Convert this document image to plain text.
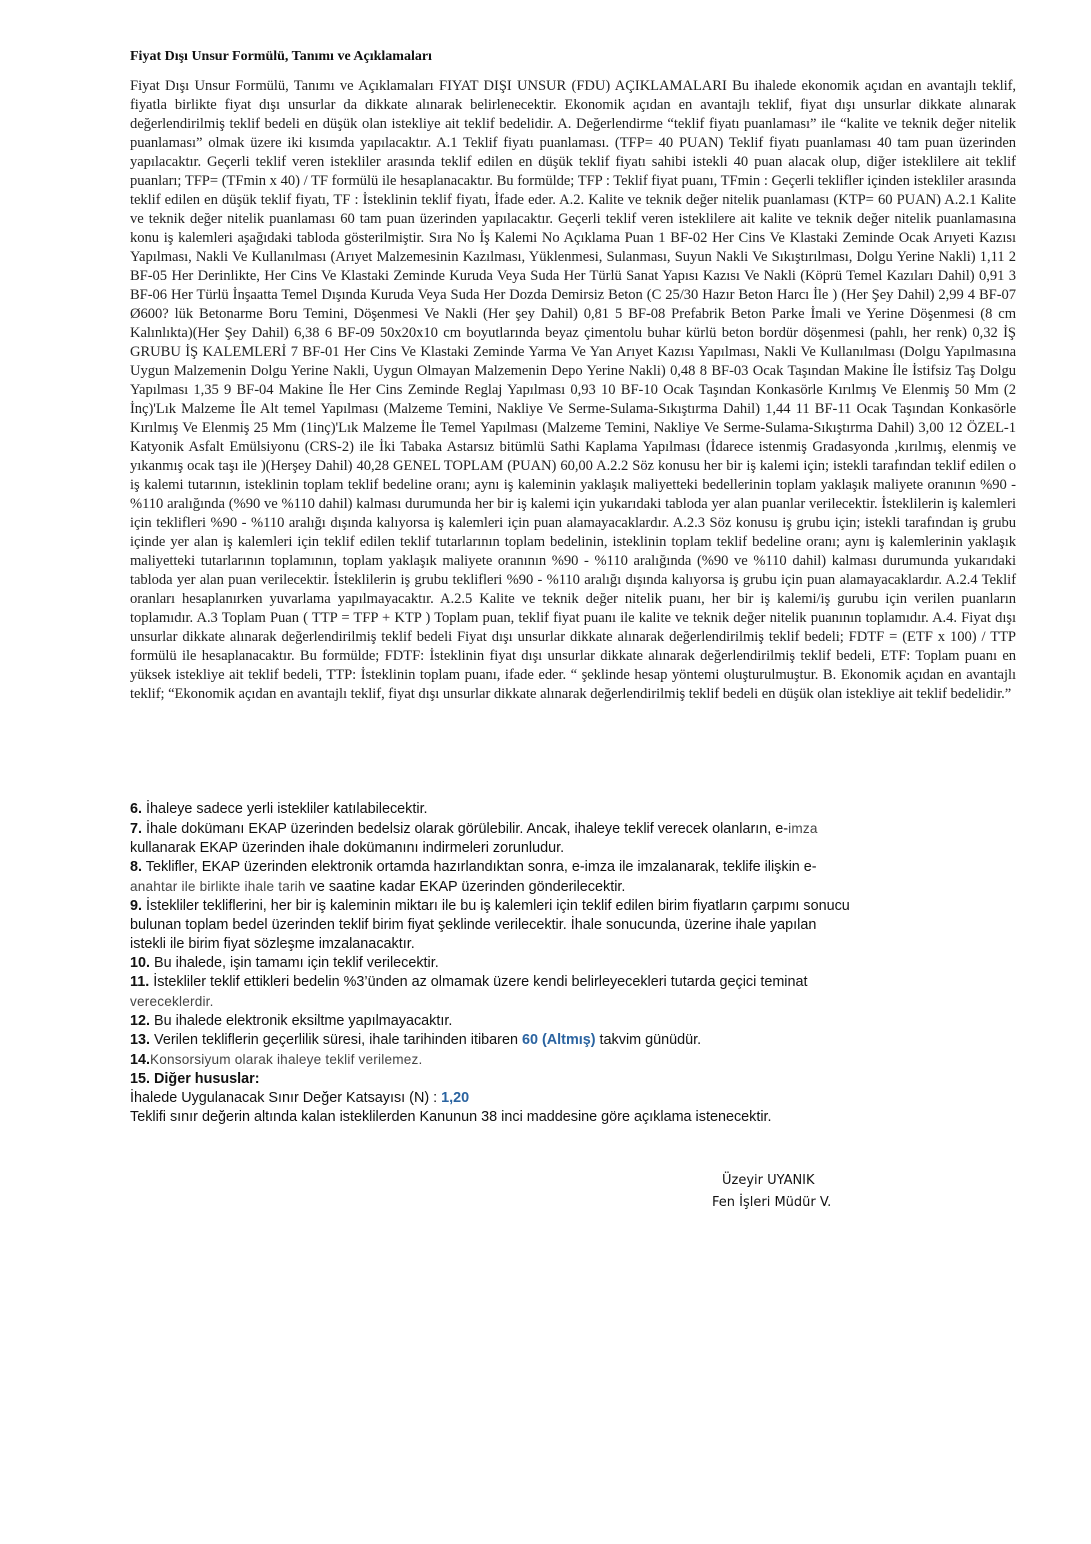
Fiyat Dışı Unsur Formülü, Tanımı ve Açıklamaları
Fiyat Dışı Unsur Formülü, Tanımı ve Açıklamaları FIYAT DIŞI UNSUR (FDU) AÇIKLAMALARI Bu ihalede ekonomik açıdan en avantajlı teklif, fiyatla birlikte fiyat dışı unsurlar da dikkate alınarak belirlenecektir. Ekonomik açıdan en avantajlı teklif, fiyat dışı unsurlar dikkate alınarak değerlendirilmiş teklif bedeli en düşük olan istekliye ait teklif bedelidir. A. Değerlendirme “teklif fiyatı puanlaması” ile “kalite ve teknik değer nitelik puanlaması” olmak üzere iki kısımda yapılacaktır. A.1 Teklif fiyatı puanlaması. (TFP= 40 PUAN) Teklif fiyatı puanlaması 40 tam puan üzerinden yapılacaktır. Geçerli teklif veren istekliler arasında teklif edilen en düşük teklif fiyatı sahibi istekli 40 puan alacak olup, diğer isteklilere ait teklif puanları; TFP= (TFmin x 40) / TF formülü ile hesaplanacaktır. Bu formülde; TFP : Teklif fiyat puanı, TFmin : Geçerli teklifler içinden istekliler arasında teklif edilen en düşük teklif fiyatı, TF : İsteklinin teklif fiyatı, İfade eder. A.2. Kalite ve teknik değer nitelik puanlaması (KTP= 60 PUAN) A.2.1 Kalite ve teknik değer nitelik puanlaması 60 tam puan üzerinden yapılacaktır. Geçerli teklif veren isteklilere ait kalite ve teknik değer nitelik puanlamasına konu iş kalemleri aşağıdaki tabloda gösterilmiştir. Sıra No İş Kalemi No Açıklama Puan 1 BF-02 Her Cins Ve Klastaki Zeminde Ocak Arıyeti Kazısı Yapılması, Nakli Ve Kullanılması (Arıyet Malzemesinin Kazılması, Yüklenmesi, Sulanması, Suyun Nakli Ve Sıkıştırılması, Dolgu Yerine Nakli) 1,11 2 BF-05 Her Derinlikte, Her Cins Ve Klastaki Zeminde Kuruda Veya Suda Her Türlü Sanat Yapısı Kazısı Ve Nakli (Köprü Temel Kazıları Dahil) 0,91 3 BF-06 Her Türlü İnşaatta Temel Dışında Kuruda Veya Suda Her Dozda Demirsiz Beton (C 25/30 Hazır Beton Harcı İle ) (Her Şey Dahil) 2,99 4 BF-07 Ø600? lük Betonarme Boru Temini, Döşenmesi Ve Nakli (Her şey Dahil) 0,81 5 BF-08 Prefabrik Beton Parke İmali ve Yerine Döşenmesi (8 cm Kalınlıkta)(Her Şey Dahil) 6,38 6 BF-09 50x20x10 cm boyutlarında beyaz çimentolu buhar kürlü beton bordür döşenmesi (pahlı, her renk) 0,32 İŞ GRUBU İŞ KALEMLERİ 7 BF-01 Her Cins Ve Klastaki Zeminde Yarma Ve Yan Arıyet Kazısı Yapılması, Nakli Ve Kullanılması (Dolgu Yapılmasına Uygun Malzemenin Dolgu Yerine Nakli, Uygun Olmayan Malzemenin Depo Yerine Nakli) 0,48 8 BF-03 Ocak Taşından Makine İle İstifsiz Taş Dolgu Yapılması 1,35 9 BF-04 Makine İle Her Cins Zeminde Reglaj Yapılması 0,93 10 BF-10 Ocak Taşından Konkasörle Kırılmış Ve Elenmiş 50 Mm (2 İnç)'Lık Malzeme İle Alt temel Yapılması (Malzeme Temini, Nakliye Ve Serme-Sulama-Sıkıştırma Dahil) 1,44 11 BF-11 Ocak Taşından Konkasörle Kırılmış Ve Elenmiş 25 Mm (1inç)'Lık Malzeme İle Temel Yapılması (Malzeme Temini, Nakliye Ve Serme-Sulama-Sıkıştırma Dahil) 3,00 12 ÖZEL-1 Katyonik Asfalt Emülsiyonu (CRS-2) ile İki Tabaka Astarsız bitümlü Sathi Kaplama Yapılması (İdarece istenmiş Gradasyonda ,kırılmış, elenmiş ve yıkanmış ocak taşı ile )(Herşey Dahil) 40,28 GENEL TOPLAM (PUAN) 60,00 A.2.2 Söz konusu her bir iş kalemi için; istekli tarafından teklif edilen o iş kalemi tutarının, isteklinin toplam teklif bedeline oranı; aynı iş kaleminin yaklaşık maliyetteki bedellerinin toplam yaklaşık maliyete oranının %90 - %110 aralığında (%90 ve %110 dahil) kalması durumunda her bir iş kalemi için yukarıdaki tabloda yer alan puanlar verilecektir. İsteklilerin iş kalemleri için teklifleri %90 - %110 aralığı dışında kalıyorsa iş kalemleri için puan alamayacaklardır. A.2.3 Söz konusu iş grubu için; istekli tarafından iş grubu içinde yer alan iş kalemleri için teklif edilen teklif tutarlarının toplam bedelinin, isteklinin toplam teklif bedeline oranı; aynı iş kalemlerinin yaklaşık maliyetteki tutarlarının toplamının, toplam yaklaşık maliyete oranının %90 - %110 aralığında (%90 ve %110 dahil) kalması durumunda yukarıdaki tabloda yer alan puan verilecektir. İsteklilerin iş grubu teklifleri %90 - %110 aralığı dışında kalıyorsa iş grubu için puan alamayacaklardır. A.2.4 Teklif oranları hesaplanırken yuvarlama yapılmayacaktır. A.2.5 Kalite ve teknik değer nitelik puanı, her bir iş kalemi/iş gurubu için verilen puanların toplamıdır. A.3 Toplam Puan ( TTP = TFP + KTP ) Toplam puan, teklif fiyat puanı ile kalite ve teknik değer nitelik puanının toplamıdır. A.4. Fiyat dışı unsurlar dikkate alınarak değerlendirilmiş teklif bedeli Fiyat dışı unsurlar dikkate alınarak değerlendirilmiş teklif bedeli; FDTF = (ETF x 100) / TTP formülü ile hesaplanacaktır. Bu formülde; FDTF: İsteklinin fiyat dışı unsurlar dikkate alınarak değerlendirilmiş teklif bedeli, ETF: Toplam puanı en yüksek istekliye ait teklif bedeli, TTP: İsteklinin toplam puanı, ifade eder. “ şeklinde hesap yöntemi oluşturulmuştur. B. Ekonomik açıdan en avantajlı teklif; “Ekonomik açıdan en avantajlı teklif, fiyat dışı unsurlar dikkate alınarak değerlendirilmiş teklif bedeli en düşük olan istekliye ait teklif bedelidir.”

6. İhaleye sadece yerli istekliler katılabilecektir.

7. İhale dokümanı EKAP üzerinden bedelsiz olarak görülebilir. Ancak, ihaleye teklif verecek olanların, e-imza
kullanarak EKAP üzerinden ihale dokümanını indirmeleri zorunludur.

8. Teklifler, EKAP üzerinden elektronik ortamda hazırlandıktan sonra, e-imza ile imzalanarak, teklife ilişkin e-
anahtar ile birlikte ihale tarih ve saatine kadar EKAP üzerinden gönderilecektir.

9. İstekliler tekliflerini, her bir iş kaleminin miktarı ile bu iş kalemleri için teklif edilen birim fiyatların çarpımı sonucu
bulunan toplam bedel üzerinden teklif birim fiyat şeklinde verilecektir. İhale sonucunda, üzerine ihale yapılan
istekli ile birim fiyat sözleşme imzalanacaktır.

10. Bu ihalede, işin tamamı için teklif verilecektir.

11. İstekliler teklif ettikleri bedelin %3’ünden az olmamak üzere kendi belirleyecekleri tutarda geçici teminat
vereceklerdir.

12. Bu ihalede elektronik eksiltme yapılmayacaktır.

13. Verilen tekliflerin geçerlilik süresi, ihale tarihinden itibaren 60 (Altmış) takvim günüdür.

14.Konsorsiyum olarak ihaleye teklif verilemez.

15. Diğer hususlar:

İhalede Uygulanacak Sınır Değer Katsayısı (N) : 1,20

Teklifi sınır değerin altında kalan isteklilerden Kanunun 38 inci maddesine göre açıklama istenecektir.

Üzeyir UYANIK
Fen İşleri Müdür V.
